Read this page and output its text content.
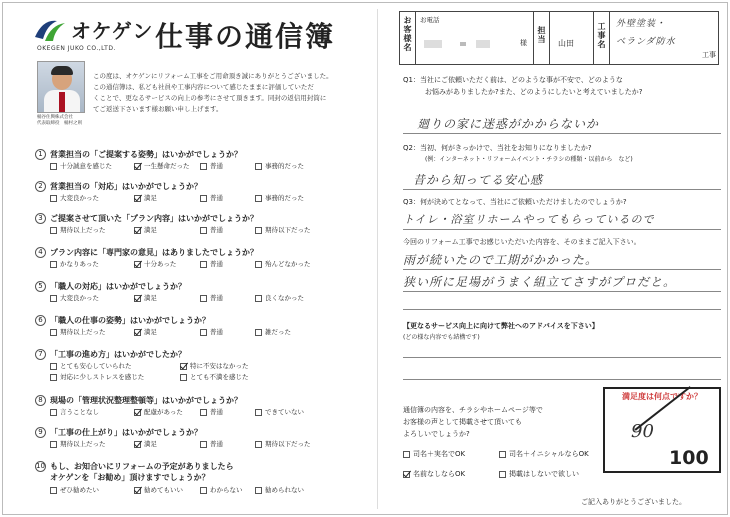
オケゲン
OKEGEN JUKO CO.,LTD. 仕事の通信簿
桶谷住興株式会社
代表取締役　桶村之則
この度は、オケゲンにリフォーム工事をご用命頂き誠にありがとうございました。
この通信簿は、私ども社員や工事内容について感じたままに評価していただ
くことで、更なるサービスの向上の参考にさせて頂きます。同封の返信用封筒に
てご返送下さいます様お願い申し上げます。
1 営業担当の「ご提案する姿勢」はいかがでしょうか？
十分誠意を感じた	一生懸命だった	普通	事務的だった
2 営業担当の「対応」はいかがでしょうか？
大変良かった	満足	普通	事務的だった
3 ご提案させて頂いた「プラン内容」はいかがでしょうか？
期待以上だった	満足	普通	期待以下だった
4 プラン内容に「専門家の意見」はありましたでしょうか？
かなりあった	十分あった	普通	殆んどなかった
5 「職人の対応」はいかがでしょうか？
大変良かった	満足	普通	良くなかった
6 「職人の仕事の姿勢」はいかがでしょうか？
期待以上だった	満足	普通	雑だった
7 「工事の進め方」はいかがでしたか？
とても安心していられた	特に不安はなかった
対応に少しストレスを感じた	とても不満を感じた
8 現場の「管理状況整理整頓等」はいかがでしょうか？
言うことなし	配慮があった	普通	できていない
9 「工事の仕上がり」はいかがでしょうか？
期待以上だった	満足	普通	期待以下だった
10 もし、お知合いにリフォームの予定がありましたら
オケゲンを「お勧め」頂けますでしょうか？
ぜひ勧めたい	勧めてもいい	わからない	勧められない
お客様名 お電話
様 担当 山田	工事名 外壁塗装・
ベランダ防水
工事
Q1：当社にご依頼いただく前は、どのような事が不安で、どのような
お悩みがありましたか?また、どのようにしたいと考えていましたか?
廻りの家に迷惑がかからないか
Q2：当初、何がきっかけで、当社をお知りになりましたか?
(例：インターネット・リフォームイベント・チラシの種類・以前から　など)
昔から知ってる安心感
Q3：何が決めてとなって、当社にご依頼いただけましたのでしょうか?
トイレ・浴室リホームやってもらっているので
今回のリフォーム工事でお感じいただいた内容を、そのままご記入下さい。
雨が続いたので工期がかかった。
狭い所に足場がうまく組立てさすがプロだと。
【更なるサービス向上に向けて弊社へのアドバイスを下さい】
(どの様な内容でも結構です)
通信簿の内容を、チラシやホームページ等で
お客様の声として掲載させて頂いても
よろしいでしょうか?
司名＋実名でOK	司名＋イニシャルならOK
名前なしならOK	掲載はしないで欲しい
ご記入ありがとうございました。
満足度は何点ですか？
90
100
